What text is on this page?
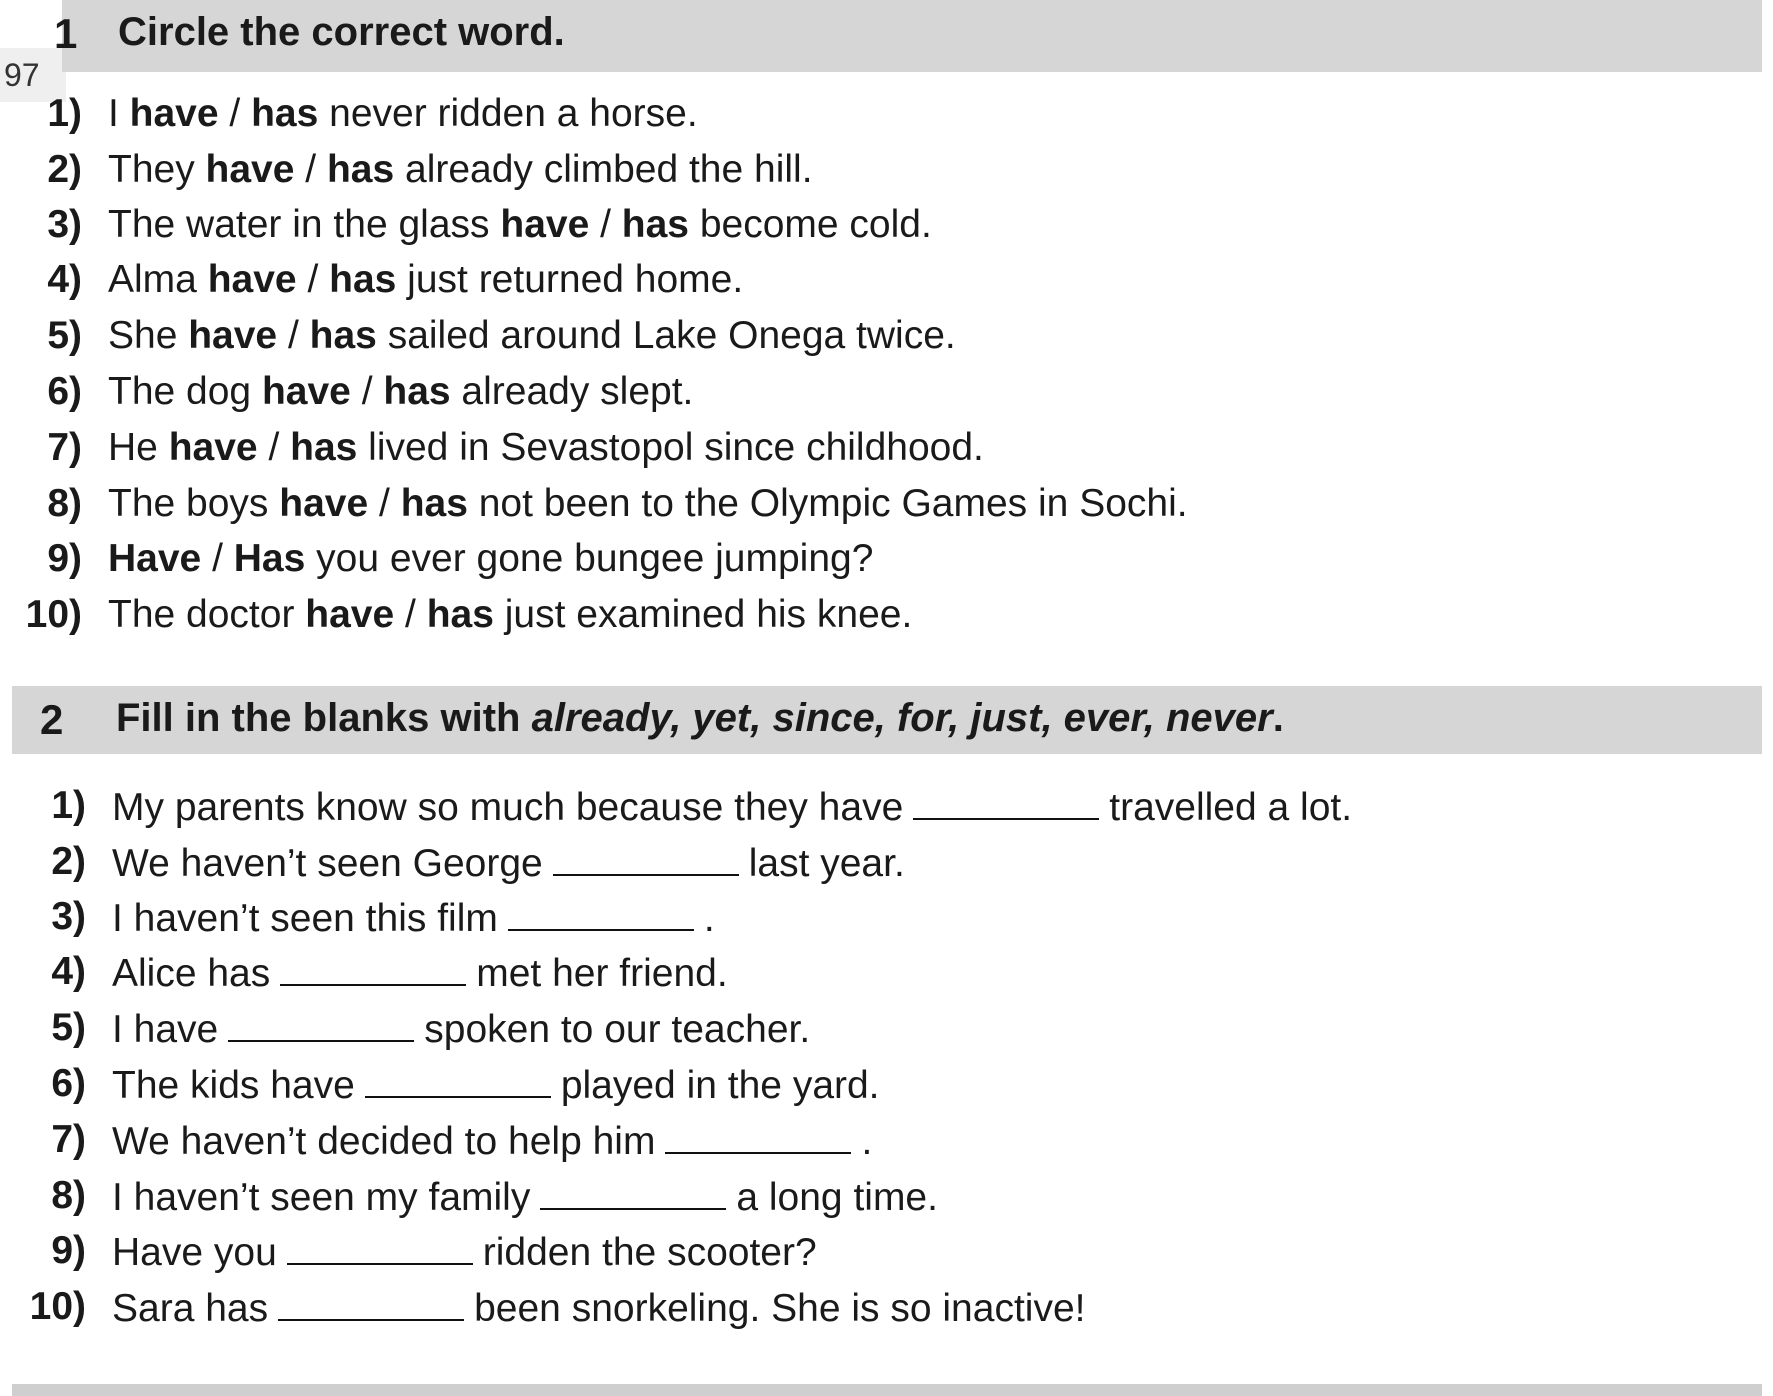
97
1 Circle the correct word.
1) I have / has never ridden a horse.
2) They have / has already climbed the hill.
3) The water in the glass have / has become cold.
4) Alma have / has just returned home.
5) She have / has sailed around Lake Onega twice.
6) The dog have / has already slept.
7) He have / has lived in Sevastopol since childhood.
8) The boys have / has not been to the Olympic Games in Sochi.
9) Have / Has you ever gone bungee jumping?
10) The doctor have / has just examined his knee.
2 Fill in the blanks with already, yet, since, for, just, ever, never.
1) My parents know so much because they have	travelled a lot.
2) We haven’t seen George	last year.
3) I haven’t seen this film	.
4) Alice has	met her friend.
5) I have	spoken to our teacher.
6) The kids have	played in the yard.
7) We haven’t decided to help him	.
8) I haven’t seen my family	a long time.
9) Have you	ridden the scooter?
10) Sara has	been snorkeling. She is so inactive!
